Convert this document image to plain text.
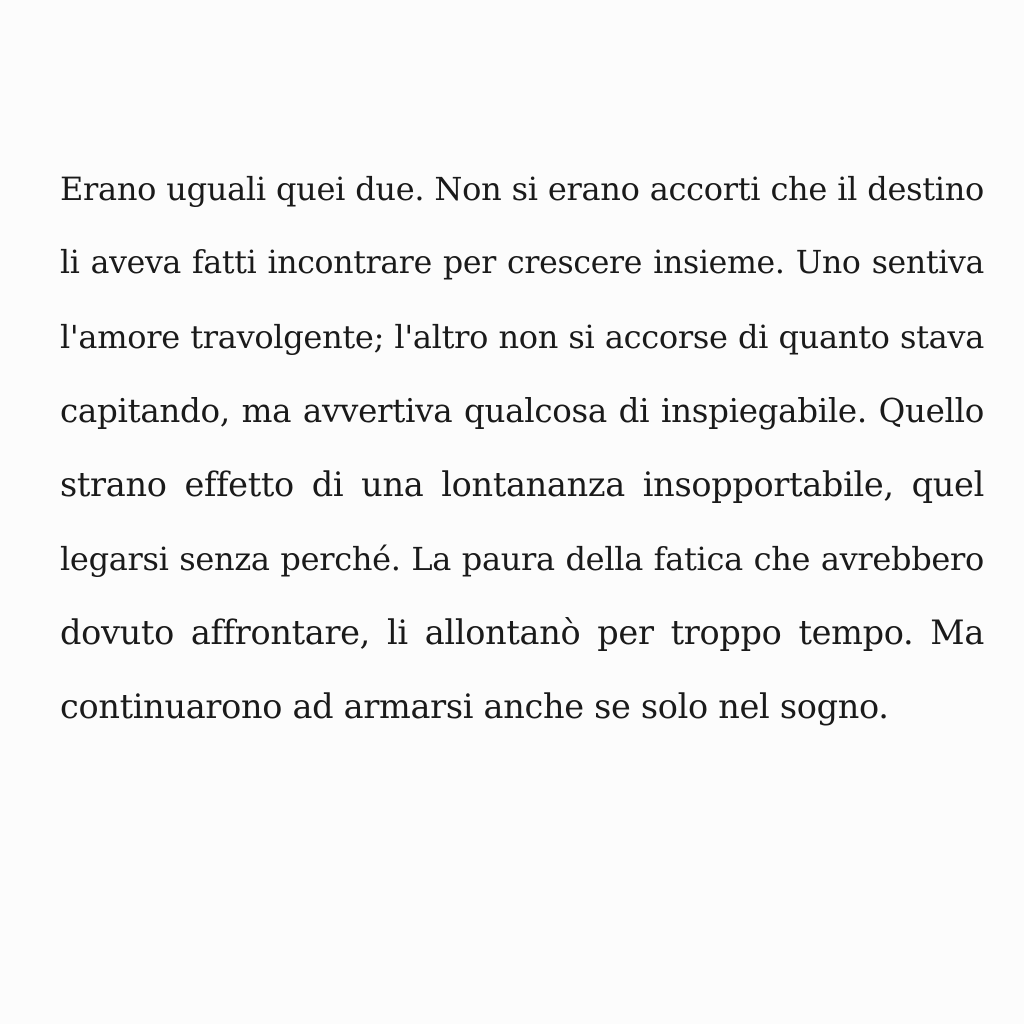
Erano uguali quei due. Non si erano accorti che il destino
li aveva fatti incontrare per crescere insieme. Uno sentiva
l'amore travolgente; l'altro non si accorse di quanto stava
capitando, ma avvertiva qualcosa di inspiegabile. Quello
strano effetto di una lontananza insopportabile, quel
legarsi senza perché. La paura della fatica che avrebbero
dovuto affrontare, li allontanò per troppo tempo. Ma
continuarono ad armarsi anche se solo nel sogno.
